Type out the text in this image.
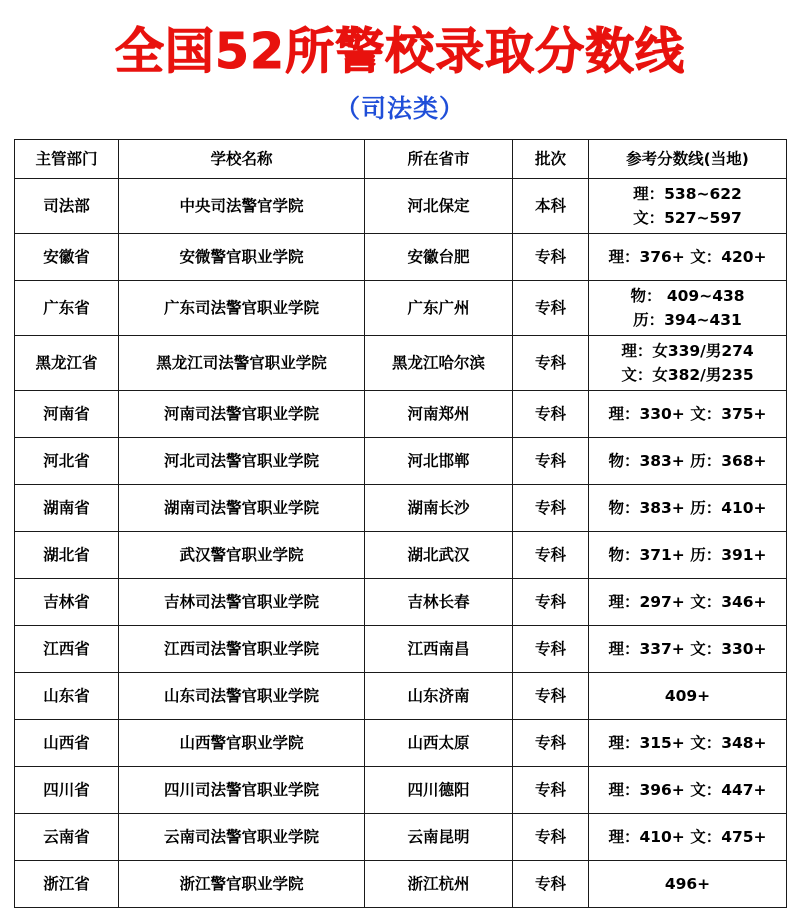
全国52所警校录取分数线
（司法类）
主管部门	学校名称	所在省市	批次	参考分数线(当地)
司法部	中央司法警官学院	河北保定	本科	理：538~622
文：527~597

安徽省	安微警官职业学院	安徽台肥	专科	理：376+ 文：420+

广东省	广东司法警官职业学院	广东广州	专科	物： 409~438
历：394~431

黑龙江省	黑龙江司法警官职业学院	黑龙江哈尔滨	专科	理：女339/男274
文：女382/男235

河南省	河南司法警官职业学院	河南郑州	专科	理：330+ 文：375+

河北省	河北司法警官职业学院	河北邯郸	专科	物：383+ 历：368+

湖南省	湖南司法警官职业学院	湖南长沙	专科	物：383+ 历：410+

湖北省	武汉警官职业学院	湖北武汉	专科	物：371+ 历：391+

吉林省	吉林司法警官职业学院	吉林长春	专科	理：297+ 文：346+

江西省	江西司法警官职业学院	江西南昌	专科	理：337+ 文：330+

山东省	山东司法警官职业学院	山东济南	专科	409+

山西省	山西警官职业学院	山西太原	专科	理：315+ 文：348+

四川省	四川司法警官职业学院	四川德阳	专科	理：396+ 文：447+

云南省	云南司法警官职业学院	云南昆明	专科	理：410+ 文：475+

浙江省	浙江警官职业学院	浙江杭州	专科	496+
